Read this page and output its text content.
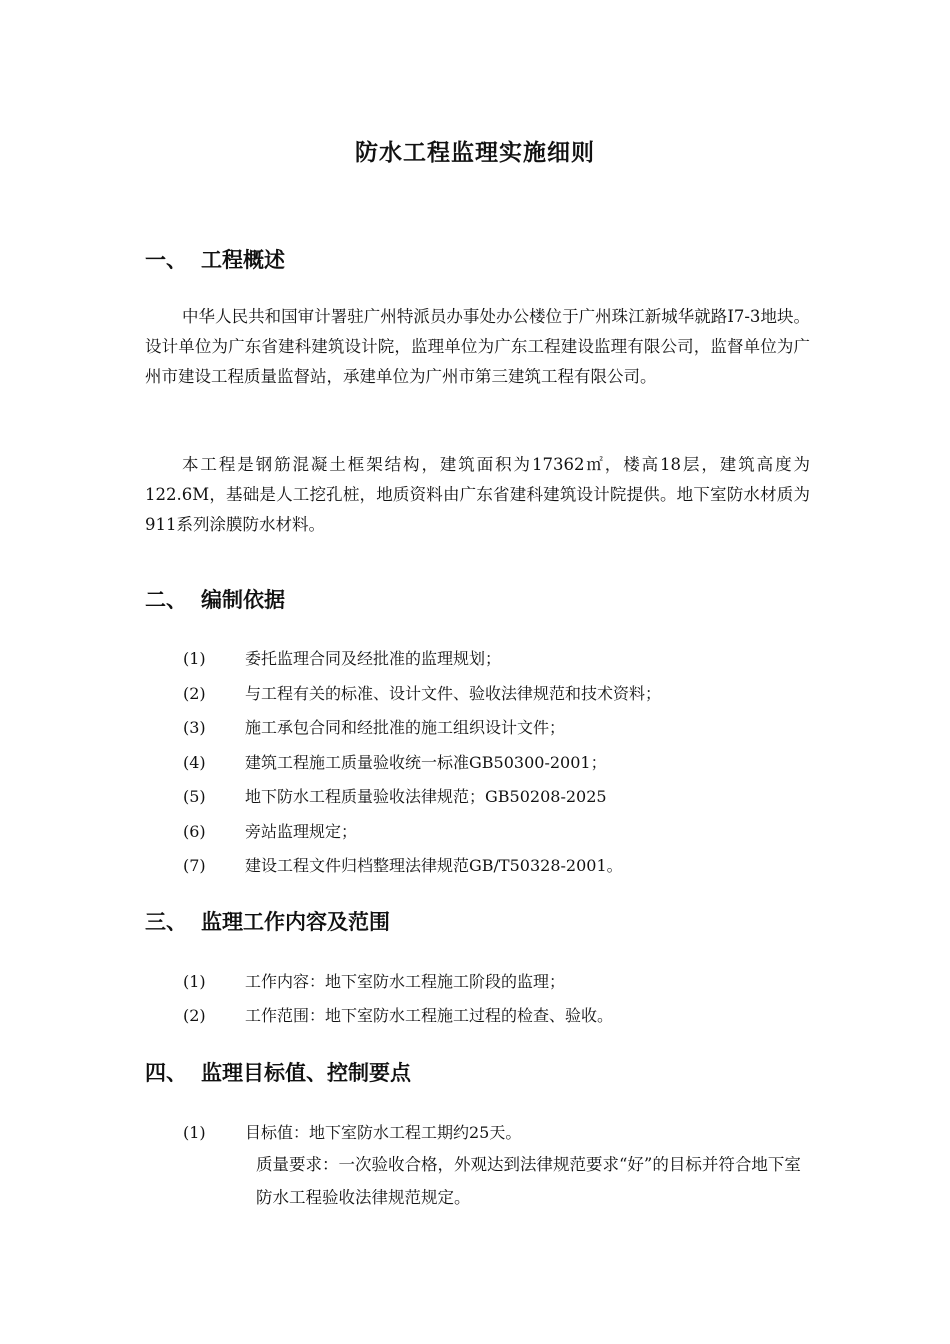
防水工程监理实施细则
一、 工程概述

中华人民共和国审计署驻广州特派员办事处办公楼位于广州珠江新城华就路I7-3地块。设计单位为广东省建科建筑设计院，监理单位为广东工程建设监理有限公司，监督单位为广州市建设工程质量监督站，承建单位为广州市第三建筑工程有限公司。

本工程是钢筋混凝土框架结构，建筑面积为17362㎡，楼高18层，建筑高度为122.6M，基础是人工挖孔桩，地质资料由广东省建科建筑设计院提供。地下室防水材质为911系列涂膜防水材料。

二、 编制依据

(1) 委托监理合同及经批准的监理规划；

(2) 与工程有关的标准、设计文件、验收法律规范和技术资料；

(3) 施工承包合同和经批准的施工组织设计文件；

(4) 建筑工程施工质量验收统一标准GB50300-2001；

(5) 地下防水工程质量验收法律规范；GB50208-2025

(6) 旁站监理规定；

(7) 建设工程文件归档整理法律规范GB/T50328-2001。

三、 监理工作内容及范围

(1) 工作内容：地下室防水工程施工阶段的监理；

(2) 工作范围：地下室防水工程施工过程的检查、验收。

四、 监理目标值、控制要点

(1) 目标值：地下室防水工程工期约25天。

质量要求：一次验收合格，外观达到法律规范要求“好”的目标并符合地下室防水工程验收法律规范规定。
